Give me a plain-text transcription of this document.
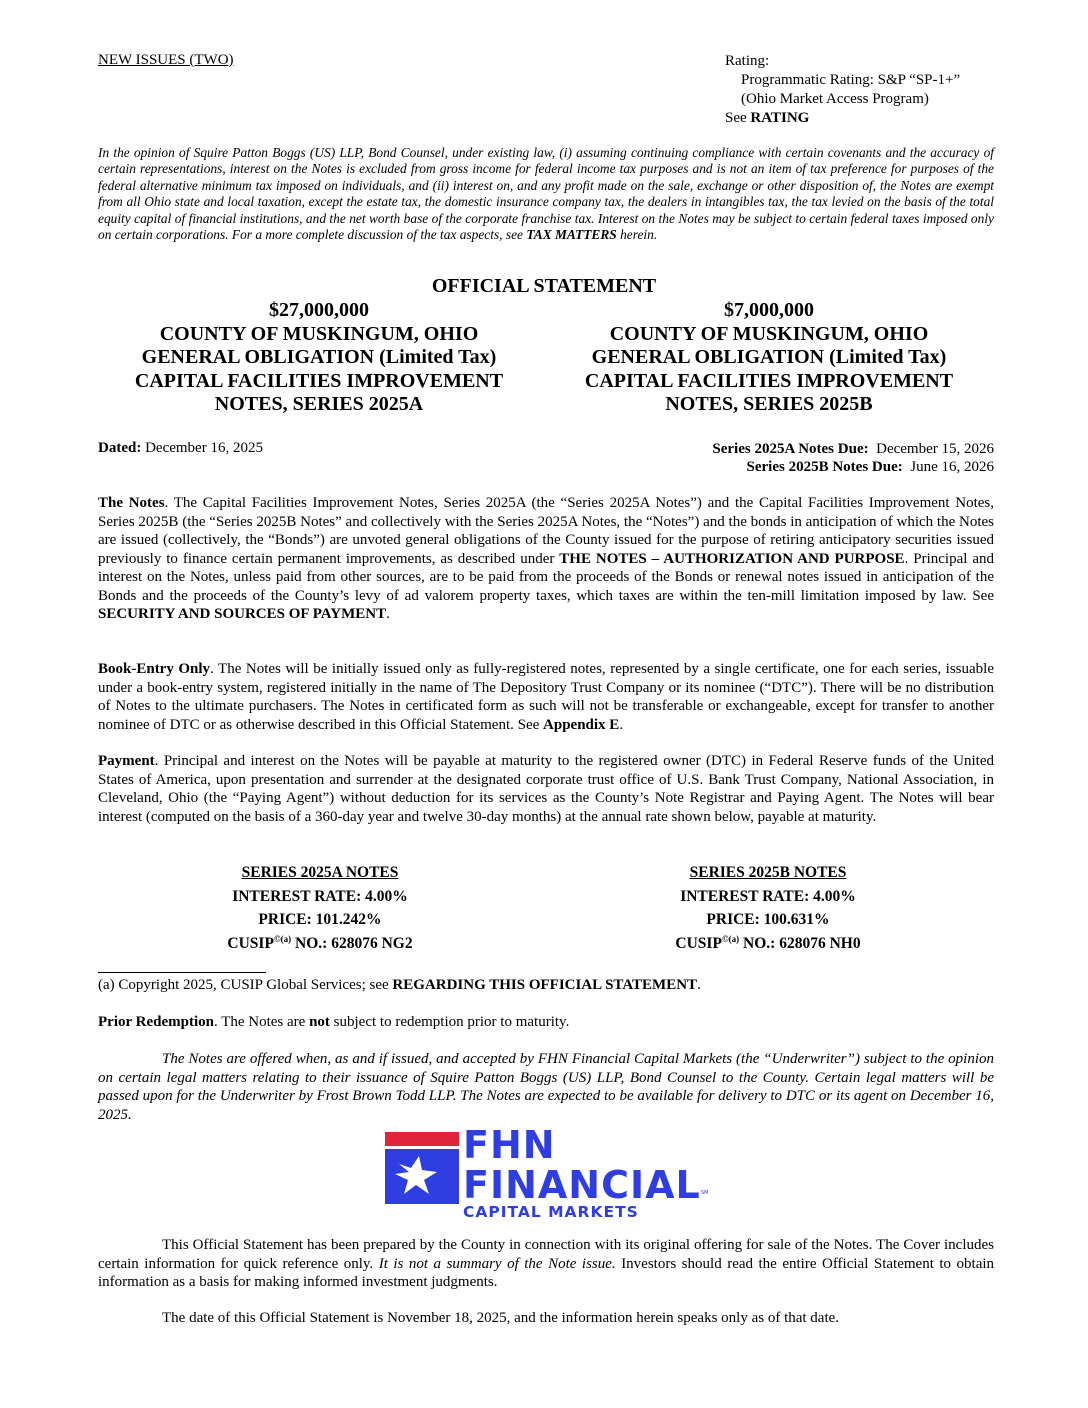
NEW ISSUES (TWO)	Rating:
Programmatic Rating: S&P “SP-1+”
(Ohio Market Access Program)
See RATING
In the opinion of Squire Patton Boggs (US) LLP, Bond Counsel, under existing law, (i) assuming continuing compliance with certain covenants and the accuracy of certain representations, interest on the Notes is excluded from gross income for federal income tax purposes and is not an item of tax preference for purposes of the federal alternative minimum tax imposed on individuals, and (ii) interest on, and any profit made on the sale, exchange or other disposition of, the Notes are exempt from all Ohio state and local taxation, except the estate tax, the domestic insurance company tax, the dealers in intangibles tax, the tax levied on the basis of the total equity capital of financial institutions, and the net worth base of the corporate franchise tax. Interest on the Notes may be subject to certain federal taxes imposed only on certain corporations. For a more complete discussion of the tax aspects, see TAX MATTERS herein.
OFFICIAL STATEMENT
$27,000,000
COUNTY OF MUSKINGUM, OHIO
GENERAL OBLIGATION (Limited Tax)
CAPITAL FACILITIES IMPROVEMENT
NOTES, SERIES 2025A
$7,000,000
COUNTY OF MUSKINGUM, OHIO
GENERAL OBLIGATION (Limited Tax)
CAPITAL FACILITIES IMPROVEMENT
NOTES, SERIES 2025B
Dated: December 16, 2025	Series 2025A Notes Due: December 15, 2026
Series 2025B Notes Due: June 16, 2026
The Notes. The Capital Facilities Improvement Notes, Series 2025A (the “Series 2025A Notes”) and the Capital Facilities Improvement Notes, Series 2025B (the “Series 2025B Notes” and collectively with the Series 2025A Notes, the “Notes”) and the bonds in anticipation of which the Notes are issued (collectively, the “Bonds”) are unvoted general obligations of the County issued for the purpose of retiring anticipatory securities issued previously to finance certain permanent improvements, as described under THE NOTES – AUTHORIZATION AND PURPOSE. Principal and interest on the Notes, unless paid from other sources, are to be paid from the proceeds of the Bonds or renewal notes issued in anticipation of the Bonds and the proceeds of the County’s levy of ad valorem property taxes, which taxes are within the ten-mill limitation imposed by law. See SECURITY AND SOURCES OF PAYMENT.
Book-Entry Only. The Notes will be initially issued only as fully-registered notes, represented by a single certificate, one for each series, issuable under a book-entry system, registered initially in the name of The Depository Trust Company or its nominee (“DTC”). There will be no distribution of Notes to the ultimate purchasers. The Notes in certificated form as such will not be transferable or exchangeable, except for transfer to another nominee of DTC or as otherwise described in this Official Statement. See Appendix E.
Payment. Principal and interest on the Notes will be payable at maturity to the registered owner (DTC) in Federal Reserve funds of the United States of America, upon presentation and surrender at the designated corporate trust office of U.S. Bank Trust Company, National Association, in Cleveland, Ohio (the “Paying Agent”) without deduction for its services as the County’s Note Registrar and Paying Agent. The Notes will bear interest (computed on the basis of a 360-day year and twelve 30-day months) at the annual rate shown below, payable at maturity.
SERIES 2025A NOTES
INTEREST RATE: 4.00%
PRICE: 101.242%
$CUSIP^{©(a)}$ NO.: 628076 NG2
SERIES 2025B NOTES
INTEREST RATE: 4.00%
PRICE: 100.631%
$CUSIP^{©(a)}$ NO.: 628076 NH0
(a) Copyright 2025, CUSIP Global Services; see REGARDING THIS OFFICIAL STATEMENT.
Prior Redemption. The Notes are not subject to redemption prior to maturity.
The Notes are offered when, as and if issued, and accepted by FHN Financial Capital Markets (the “Underwriter”) subject to the opinion on certain legal matters relating to their issuance of Squire Patton Boggs (US) LLP, Bond Counsel to the County. Certain legal matters will be passed upon for the Underwriter by Frost Brown Todd LLP. The Notes are expected to be available for delivery to DTC or its agent on December 16, 2025.
FHN
FINANCIAL SM
CAPITAL MARKETS
This Official Statement has been prepared by the County in connection with its original offering for sale of the Notes. The Cover includes certain information for quick reference only. It is not a summary of the Note issue. Investors should read the entire Official Statement to obtain information as a basis for making informed investment judgments.
The date of this Official Statement is November 18, 2025, and the information herein speaks only as of that date.
